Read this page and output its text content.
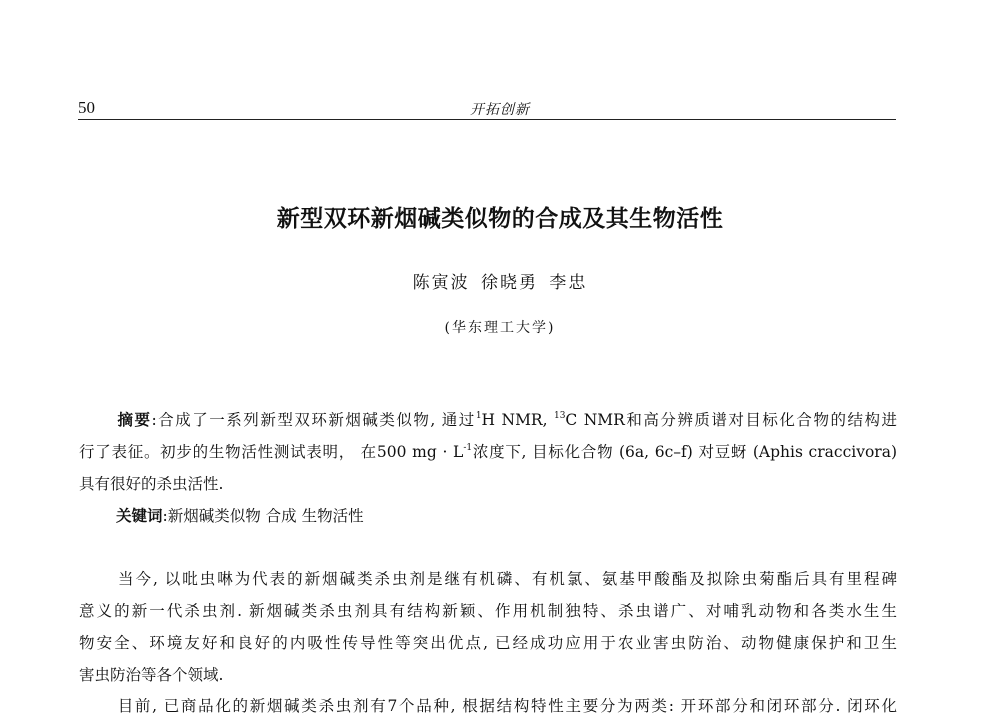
50	开拓创新
新型双环新烟碱类似物的合成及其生物活性
陈寅波 徐晓勇 李忠
(华东理工大学)

摘要:合成了一系列新型双环新烟碱类似物, 通过$^1$H NMR, $^{13}$C NMR和高分辨质谱对目标化合物的结构进
行了表征。初步的生物活性测试表明， 在500 mg · $L^{-1}$浓度下, 目标化合物 (6a, 6c–f) 对豆蚜 (Aphis craccivora)
具有很好的杀虫活性.

关键词:新烟碱类似物 合成 生物活性

当今, 以吡虫啉为代表的新烟碱类杀虫剂是继有机磷、有机氯、氨基甲酸酯及拟除虫菊酯后具有里程碑
意义的新一代杀虫剂. 新烟碱类杀虫剂具有结构新颖、作用机制独特、杀虫谱广、对哺乳动物和各类水生生
物安全、环境友好和良好的内吸性传导性等突出优点, 已经成功应用于农业害虫防治、动物健康保护和卫生
害虫防治等各个领域.

目前, 已商品化的新烟碱类杀虫剂有7个品种, 根据结构特性主要分为两类: 开环部分和闭环部分. 闭环化
